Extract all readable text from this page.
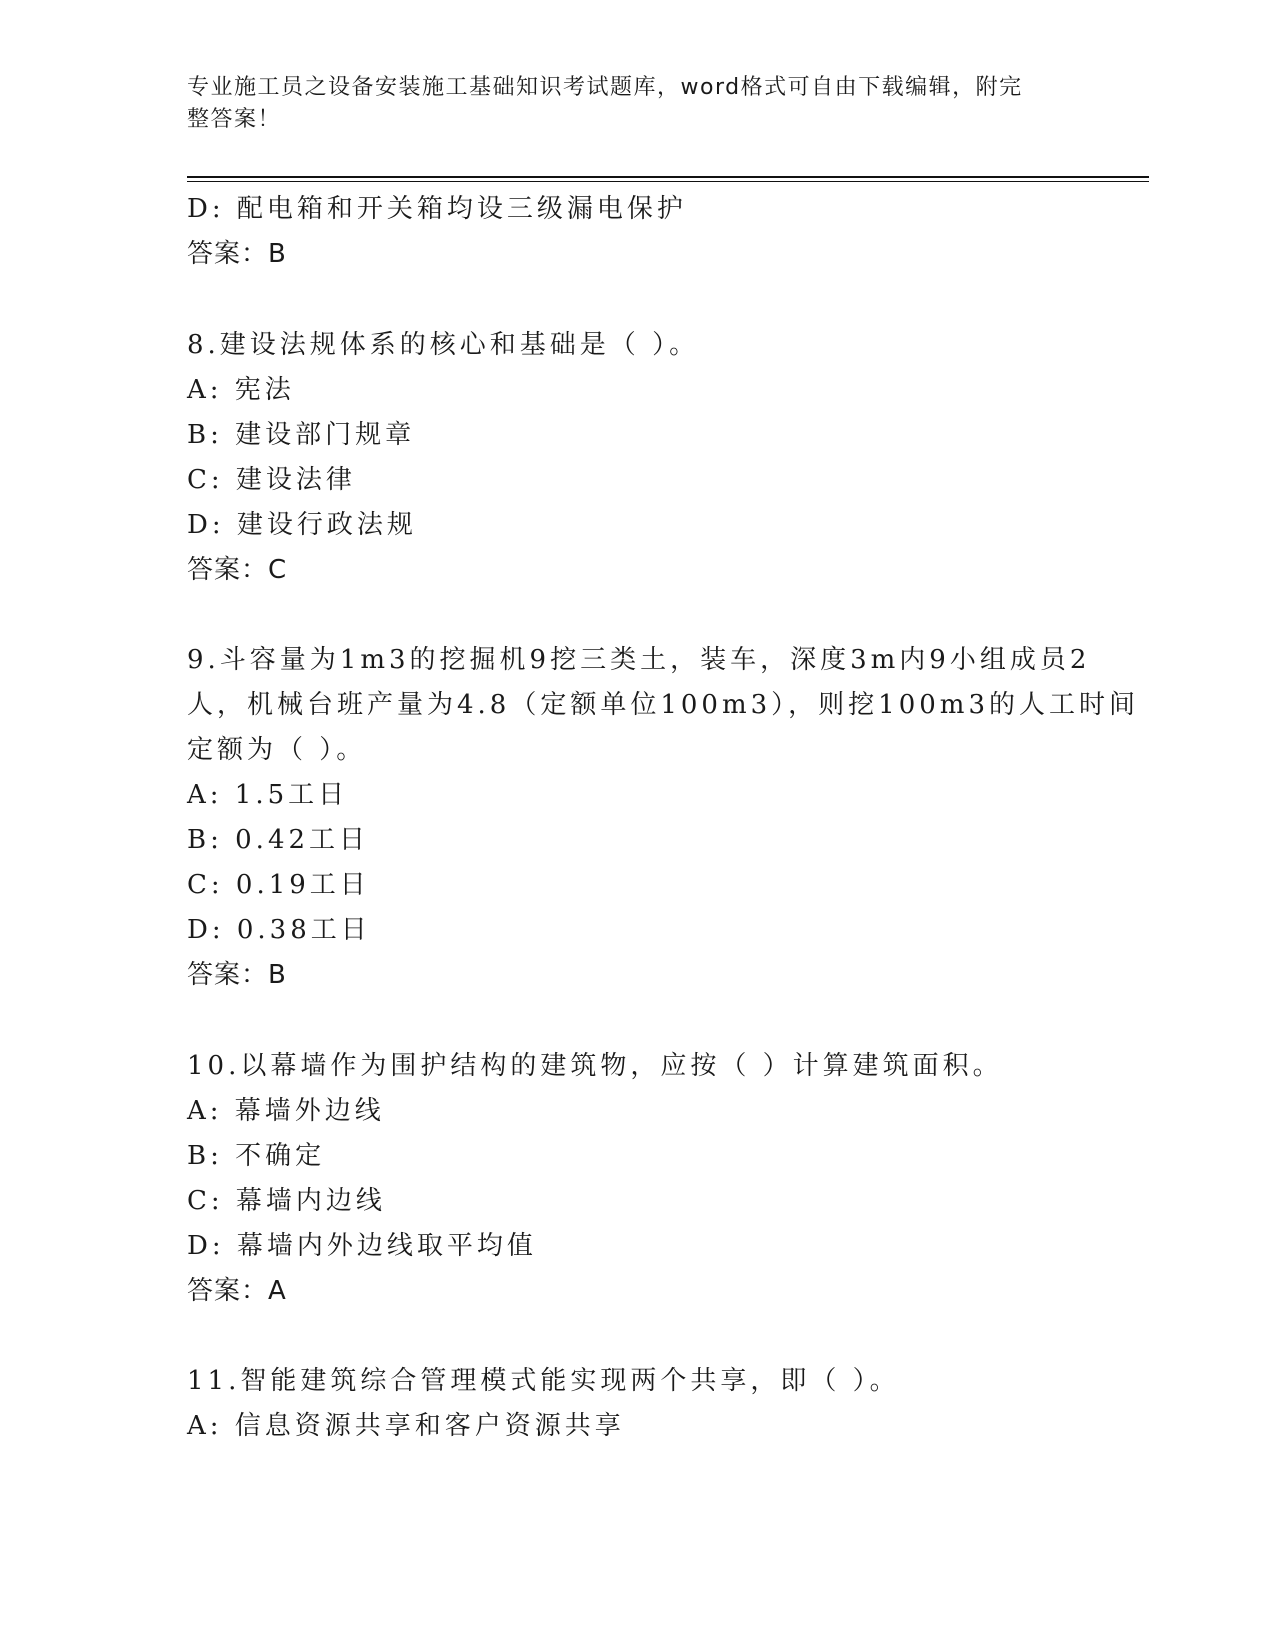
专业施工员之设备安装施工基础知识考试题库，word格式可自由下载编辑，附完
整答案！
D: 配电箱和开关箱均设三级漏电保护
答案：B
8.建设法规体系的核心和基础是（ ）。
A: 宪法
B: 建设部门规章
C: 建设法律
D: 建设行政法规
答案：C
9.斗容量为1m3的挖掘机9挖三类土，装车，深度3m内9小组成员2
人，机械台班产量为4.8（定额单位100m3），则挖100m3的人工时间
定额为（ ）。
A: 1.5工日
B: 0.42工日
C: 0.19工日
D: 0.38工日
答案：B
10.以幕墙作为围护结构的建筑物，应按（ ）计算建筑面积。
A: 幕墙外边线
B: 不确定
C: 幕墙内边线
D: 幕墙内外边线取平均值
答案：A
11.智能建筑综合管理模式能实现两个共享，即（ ）。
A: 信息资源共享和客户资源共享
